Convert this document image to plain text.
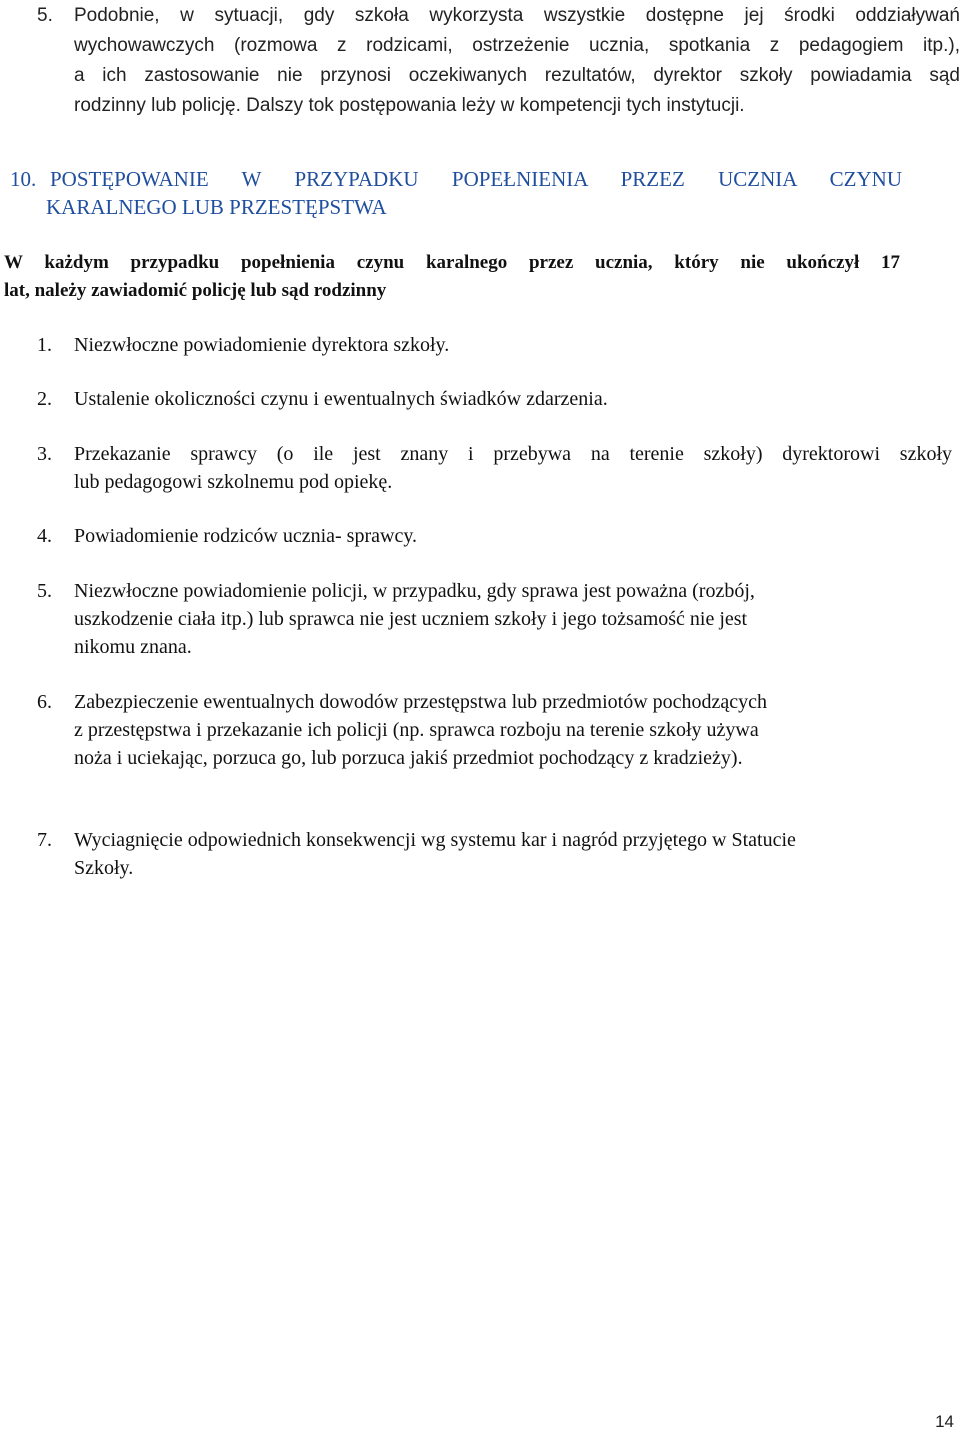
5. Podobnie, w sytuacji, gdy szkoła wykorzysta wszystkie dostępne jej środki oddziaływań
wychowawczych (rozmowa z rodzicami, ostrzeżenie ucznia, spotkania z pedagogiem itp.),
a ich zastosowanie nie przynosi oczekiwanych rezultatów, dyrektor szkoły powiadamia sąd
rodzinny lub policję. Dalszy tok postępowania leży w kompetencji tych instytucji.
10. POSTĘPOWANIE W PRZYPADKU POPEŁNIENIA PRZEZ UCZNIA CZYNU
KARALNEGO LUB PRZESTĘPSTWA
W każdym przypadku popełnienia czynu karalnego przez ucznia, który nie ukończył 17
lat, należy zawiadomić policję lub sąd rodzinny
1. Niezwłoczne powiadomienie dyrektora szkoły.
2. Ustalenie okoliczności czynu i ewentualnych świadków zdarzenia.
3. Przekazanie sprawcy (o ile jest znany i przebywa na terenie szkoły) dyrektorowi szkoły
lub pedagogowi szkolnemu pod opiekę.
4. Powiadomienie rodziców ucznia- sprawcy.
5. Niezwłoczne powiadomienie policji, w przypadku, gdy sprawa jest poważna (rozbój,
uszkodzenie ciała itp.) lub sprawca nie jest uczniem szkoły i jego tożsamość nie jest
nikomu znana.
6. Zabezpieczenie ewentualnych dowodów przestępstwa lub przedmiotów pochodzących
z przestępstwa i przekazanie ich policji (np. sprawca rozboju na terenie szkoły używa
noża i uciekając, porzuca go, lub porzuca jakiś przedmiot pochodzący z kradzieży).
7. Wyciagnięcie odpowiednich konsekwencji wg systemu kar i nagród przyjętego w Statucie
Szkoły.
14
